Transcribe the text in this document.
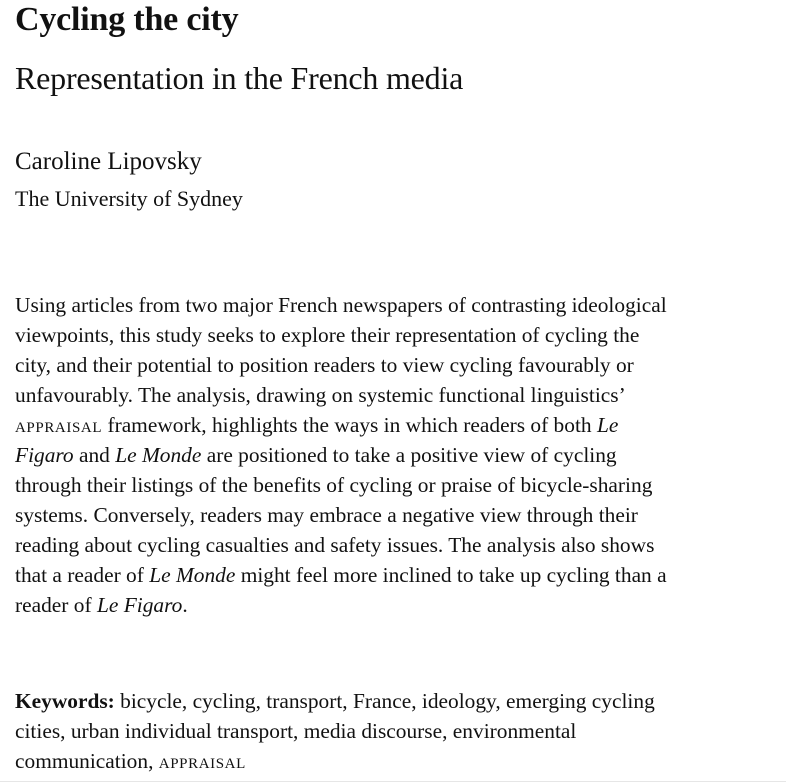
Cycling the city
Representation in the French media
Caroline Lipovsky
The University of Sydney

Using articles from two major French newspapers of contrasting ideological
viewpoints, this study seeks to explore their representation of cycling the
city, and their potential to position readers to view cycling favourably or
unfavourably. The analysis, drawing on systemic functional linguistics’
appraisal framework, highlights the ways in which readers of both Le
Figaro and Le Monde are positioned to take a positive view of cycling
through their listings of the benefits of cycling or praise of bicycle-sharing
systems. Conversely, readers may embrace a negative view through their
reading about cycling casualties and safety issues. The analysis also shows
that a reader of Le Monde might feel more inclined to take up cycling than a
reader of Le Figaro.

Keywords: bicycle, cycling, transport, France, ideology, emerging cycling
cities, urban individual transport, media discourse, environmental
communication, appraisal
